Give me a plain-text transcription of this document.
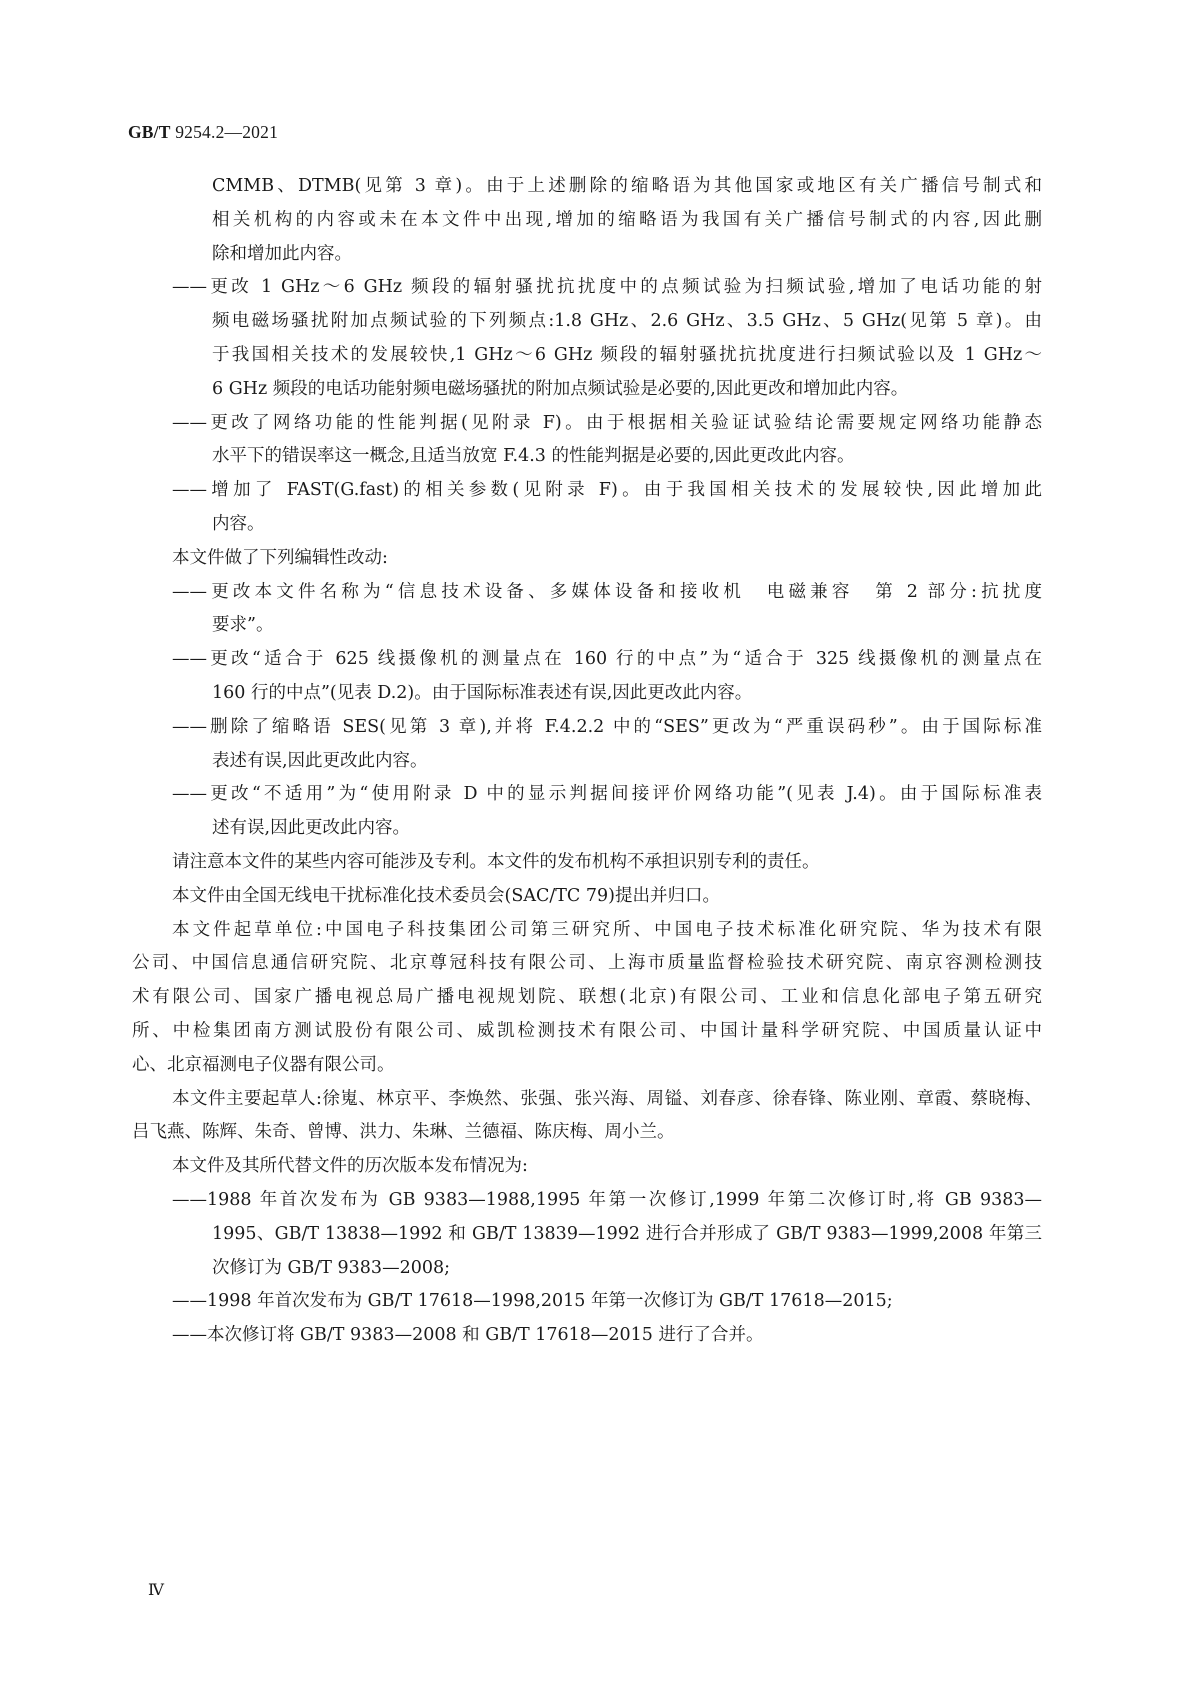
GB/T 9254.2—2021
CMMB、DTMB(见第 3 章)。由于上述删除的缩略语为其他国家或地区有关广播信号制式和
相关机构的内容或未在本文件中出现,增加的缩略语为我国有关广播信号制式的内容,因此删
除和增加此内容。
——更改 1 GHz～6 GHz 频段的辐射骚扰抗扰度中的点频试验为扫频试验,增加了电话功能的射
频电磁场骚扰附加点频试验的下列频点:1.8 GHz、2.6 GHz、3.5 GHz、5 GHz(见第 5 章)。由
于我国相关技术的发展较快,1 GHz～6 GHz 频段的辐射骚扰抗扰度进行扫频试验以及 1 GHz～
6 GHz 频段的电话功能射频电磁场骚扰的附加点频试验是必要的,因此更改和增加此内容。
——更改了网络功能的性能判据(见附录 F)。由于根据相关验证试验结论需要规定网络功能静态
水平下的错误率这一概念,且适当放宽 F.4.3 的性能判据是必要的,因此更改此内容。
——增加了 FAST(G.fast)的相关参数(见附录 F)。由于我国相关技术的发展较快,因此增加此
内容。
本文件做了下列编辑性改动:
——更改本文件名称为“信息技术设备、多媒体设备和接收机　电磁兼容　第 2 部分:抗扰度
要求”。
——更改“适合于 625 线摄像机的测量点在 160 行的中点”为“适合于 325 线摄像机的测量点在
160 行的中点”(见表 D.2)。由于国际标准表述有误,因此更改此内容。
——删除了缩略语 SES(见第 3 章),并将 F.4.2.2 中的“SES”更改为“严重误码秒”。由于国际标准
表述有误,因此更改此内容。
——更改“不适用”为“使用附录 D 中的显示判据间接评价网络功能”(见表 J.4)。由于国际标准表
述有误,因此更改此内容。
请注意本文件的某些内容可能涉及专利。本文件的发布机构不承担识别专利的责任。
本文件由全国无线电干扰标准化技术委员会(SAC/TC 79)提出并归口。
本文件起草单位:中国电子科技集团公司第三研究所、中国电子技术标准化研究院、华为技术有限
公司、中国信息通信研究院、北京尊冠科技有限公司、上海市质量监督检验技术研究院、南京容测检测技
术有限公司、国家广播电视总局广播电视规划院、联想(北京)有限公司、工业和信息化部电子第五研究
所、中检集团南方测试股份有限公司、威凯检测技术有限公司、中国计量科学研究院、中国质量认证中
心、北京福测电子仪器有限公司。
本文件主要起草人:徐嵬、林京平、李焕然、张强、张兴海、周镒、刘春彦、徐春锋、陈业刚、章霞、蔡晓梅、
吕飞燕、陈辉、朱奇、曾博、洪力、朱琳、兰德福、陈庆梅、周小兰。
本文件及其所代替文件的历次版本发布情况为:
——1988 年首次发布为 GB 9383—1988,1995 年第一次修订,1999 年第二次修订时,将 GB 9383—
1995、GB/T 13838—1992 和 GB/T 13839—1992 进行合并形成了 GB/T 9383—1999,2008 年第三
次修订为 GB/T 9383—2008;
——1998 年首次发布为 GB/T 17618—1998,2015 年第一次修订为 GB/T 17618—2015;
——本次修订将 GB/T 9383—2008 和 GB/T 17618—2015 进行了合并。
Ⅳ
